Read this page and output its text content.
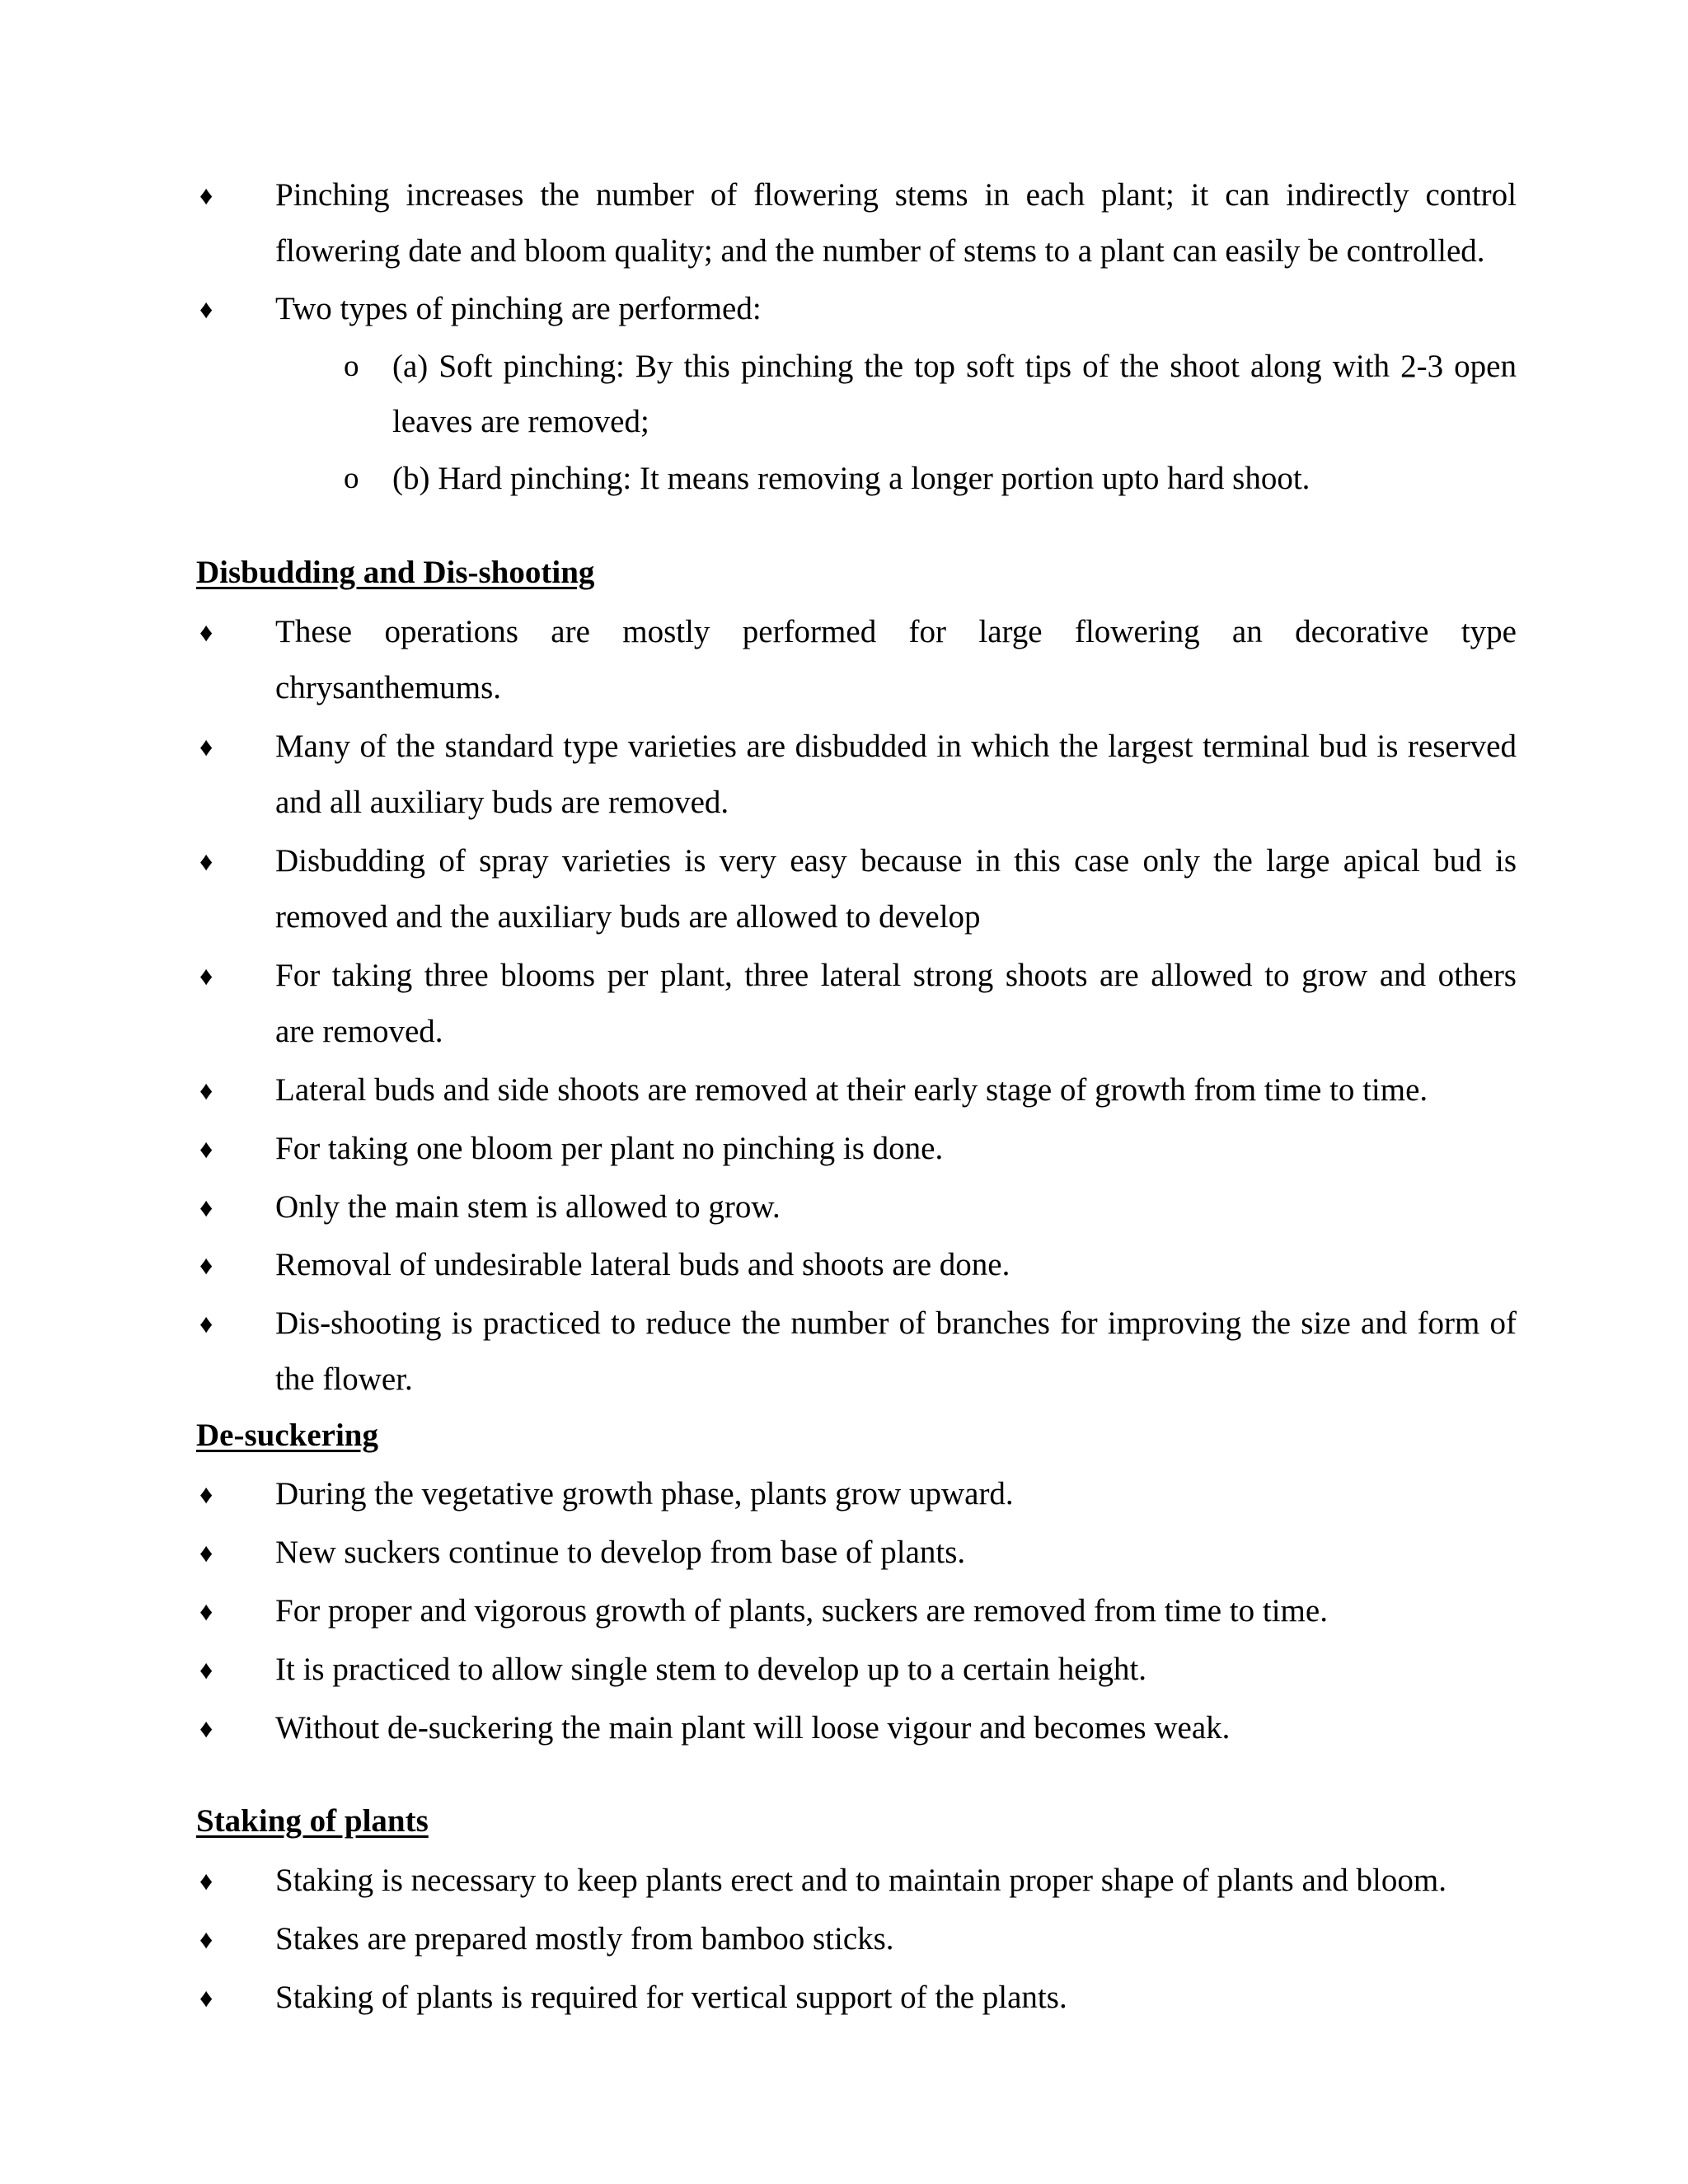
♦ Pinching increases the number of flowering stems in each plant; it can indirectly control
flowering date and bloom quality; and the number of stems to a plant can easily be controlled.
♦ Two types of pinching are performed:
o (a) Soft pinching: By this pinching the top soft tips of the shoot along with 2-3 open
leaves are removed;
o (b) Hard pinching: It means removing a longer portion upto hard shoot.
Disbudding and Dis-shooting
♦ These operations are mostly performed for large flowering an decorative type
chrysanthemums.
♦ Many of the standard type varieties are disbudded in which the largest terminal bud is reserved
and all auxiliary buds are removed.
♦ Disbudding of spray varieties is very easy because in this case only the large apical bud is
removed and the auxiliary buds are allowed to develop
♦ For taking three blooms per plant, three lateral strong shoots are allowed to grow and others
are removed.
♦ Lateral buds and side shoots are removed at their early stage of growth from time to time.
♦ For taking one bloom per plant no pinching is done.
♦ Only the main stem is allowed to grow.
♦ Removal of undesirable lateral buds and shoots are done.
♦ Dis-shooting is practiced to reduce the number of branches for improving the size and form of
the flower.
De-suckering
♦ During the vegetative growth phase, plants grow upward.
♦ New suckers continue to develop from base of plants.
♦ For proper and vigorous growth of plants, suckers are removed from time to time.
♦ It is practiced to allow single stem to develop up to a certain height.
♦ Without de-suckering the main plant will loose vigour and becomes weak.
Staking of plants
♦ Staking is necessary to keep plants erect and to maintain proper shape of plants and bloom.
♦ Stakes are prepared mostly from bamboo sticks.
♦ Staking of plants is required for vertical support of the plants.
